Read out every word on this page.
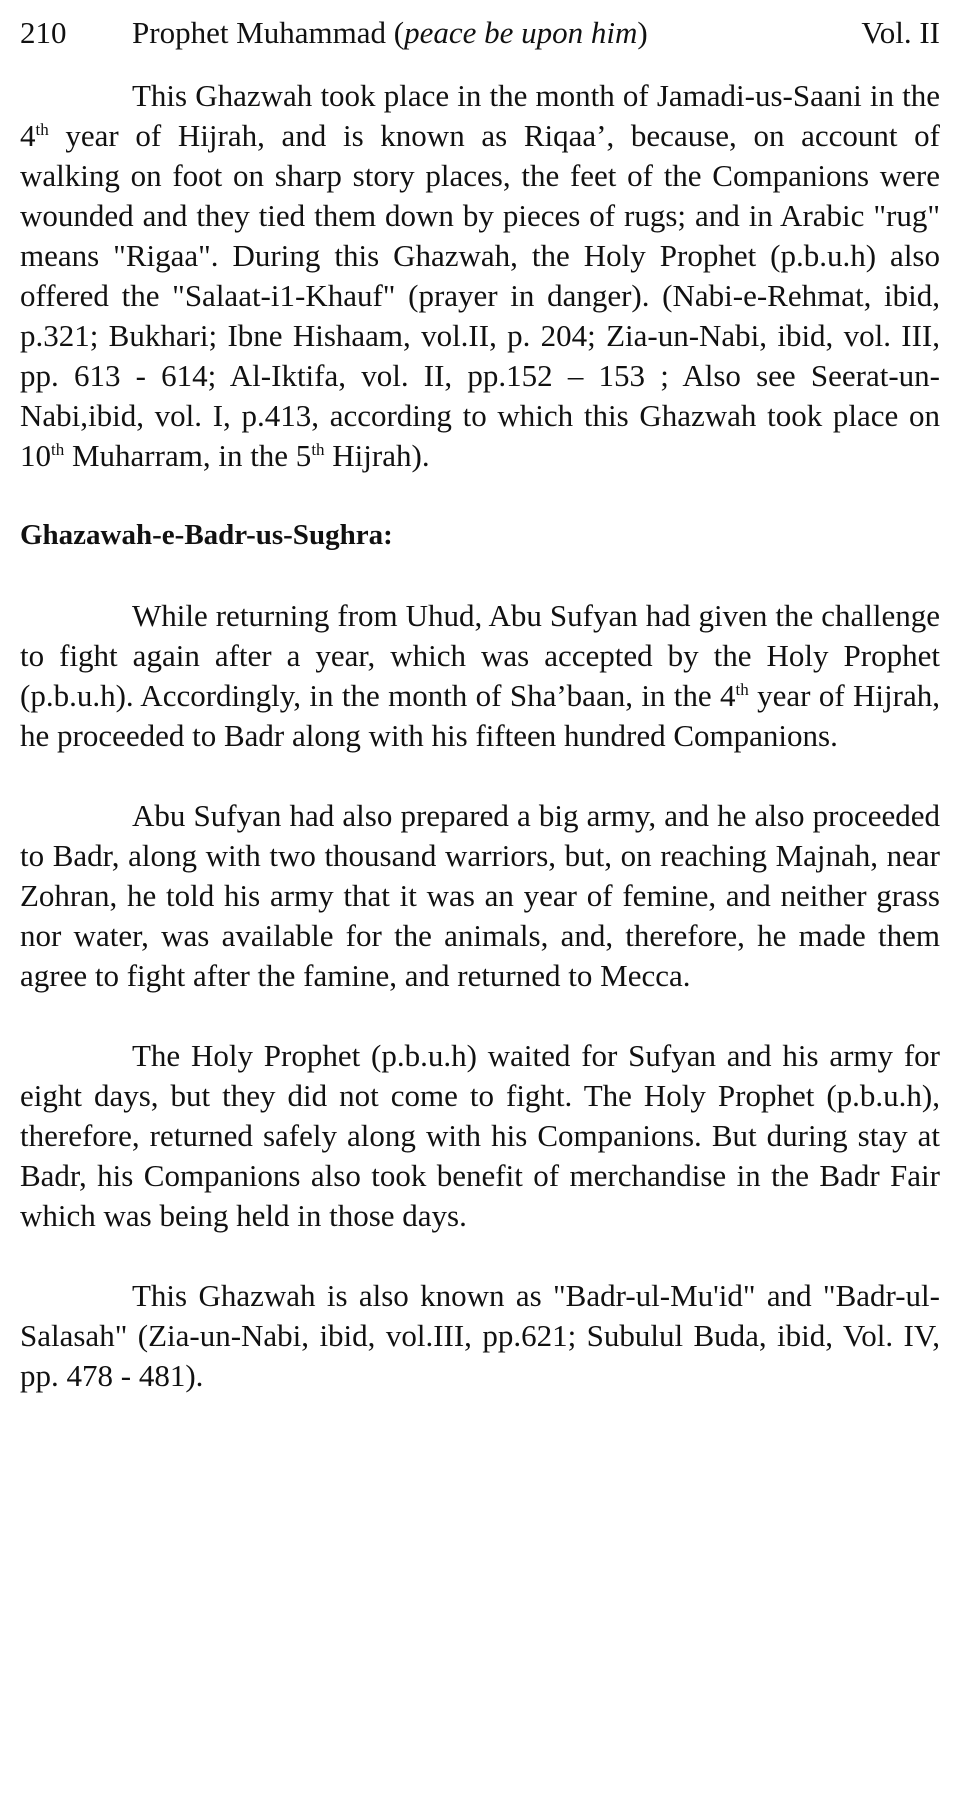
210	Prophet Muhammad (peace be upon him)	Vol. II

This Ghazwah took place in the month of Jamadi-us-Saani in the 4th year of Hijrah, and is known as Riqaa’, because, on account of walking on foot on sharp story places, the feet of the Companions were wounded and they tied them down by pieces of rugs; and in Arabic "rug" means "Rigaa". During this Ghazwah, the Holy Prophet (p.b.u.h) also offered the "Salaat-i1-Khauf" (prayer in danger). (Nabi-e-Rehmat, ibid, p.321; Bukhari; Ibne Hishaam, vol.II, p. 204; Zia-un-Nabi, ibid, vol. III, pp. 613 - 614; Al-Iktifa, vol. II, pp.152 – 153 ; Also see Seerat-un-Nabi,ibid, vol. I, p.413, according to which this Ghazwah took place on 10th Muharram, in the 5th Hijrah).

Ghazawah-e-Badr-us-Sughra:

While returning from Uhud, Abu Sufyan had given the challenge to fight again after a year, which was accepted by the Holy Prophet (p.b.u.h). Accordingly, in the month of Sha’baan, in the 4th year of Hijrah, he proceeded to Badr along with his fifteen hundred Companions.

Abu Sufyan had also prepared a big army, and he also proceeded to Badr, along with two thousand warriors, but, on reaching Majnah, near Zohran, he told his army that it was an year of femine, and neither grass nor water, was available for the animals, and, therefore, he made them agree to fight after the famine, and returned to Mecca.

The Holy Prophet (p.b.u.h) waited for Sufyan and his army for eight days, but they did not come to fight. The Holy Prophet (p.b.u.h), therefore, returned safely along with his Companions. But during stay at Badr, his Companions also took benefit of merchandise in the Badr Fair which was being held in those days.

This Ghazwah is also known as "Badr-ul-Mu'id" and "Badr-ul-Salasah" (Zia-un-Nabi, ibid, vol.III, pp.621; Subulul Buda, ibid, Vol. IV, pp. 478 - 481).
